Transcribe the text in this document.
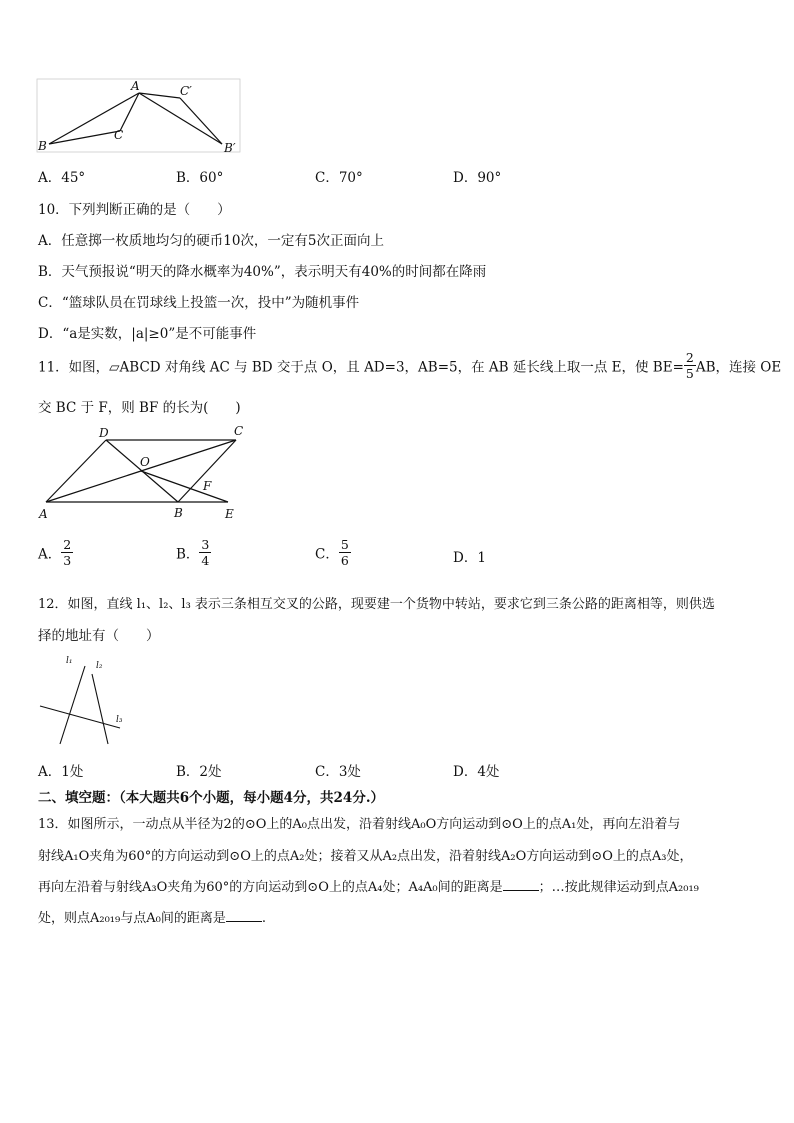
A
B
C
C′
B′
A．45°	B．60°	C．70°	D．90°
10．下列判断正确的是（　　）
A．任意掷一枚质地均匀的硬币10次，一定有5次正面向上
B．天气预报说“明天的降水概率为40%”，表示明天有40%的时间都在降雨
C．“篮球队员在罚球线上投篮一次，投中”为随机事件
D．“a是实数，|a|≥0”是不可能事件
11．如图，▱ABCD 对角线 AC 与 BD 交于点 O，且 AD=3，AB=5，在 AB 延长线上取一点 E，使 $BE= \frac{2}{5}$ AB，连接 OE
交 BC 于 F，则 BF 的长为(　　)
A	B
C
D
E
O
F
A． $\frac{2}{3}$	B． $\frac{3}{4}$	C． $\frac{5}{6}$	D．1
12．如图，直线 l₁、l₂、l₃ 表示三条相互交叉的公路，现要建一个货物中转站，要求它到三条公路的距离相等，则供选
择的地址有（　　）
l₁	l₂
l₃
A．1处	B．2处	C．3处	D．4处
二、填空题：（本大题共6个小题，每小题4分，共24分.）
13．如图所示，一动点从半径为2的⊙O上的A₀点出发，沿着射线A₀O方向运动到⊙O上的点A₁处，再向左沿着与
射线A₁O夹角为60°的方向运动到⊙O上的点A₂处；接着又从A₂点出发，沿着射线A₂O方向运动到⊙O上的点A₃处，
再向左沿着与射线A₃O夹角为60°的方向运动到⊙O上的点A₄处；A₄A₀间的距离是	；…按此规律运动到点A₂₀₁₉
处，则点A₂₀₁₉与点A₀间的距离是	.
